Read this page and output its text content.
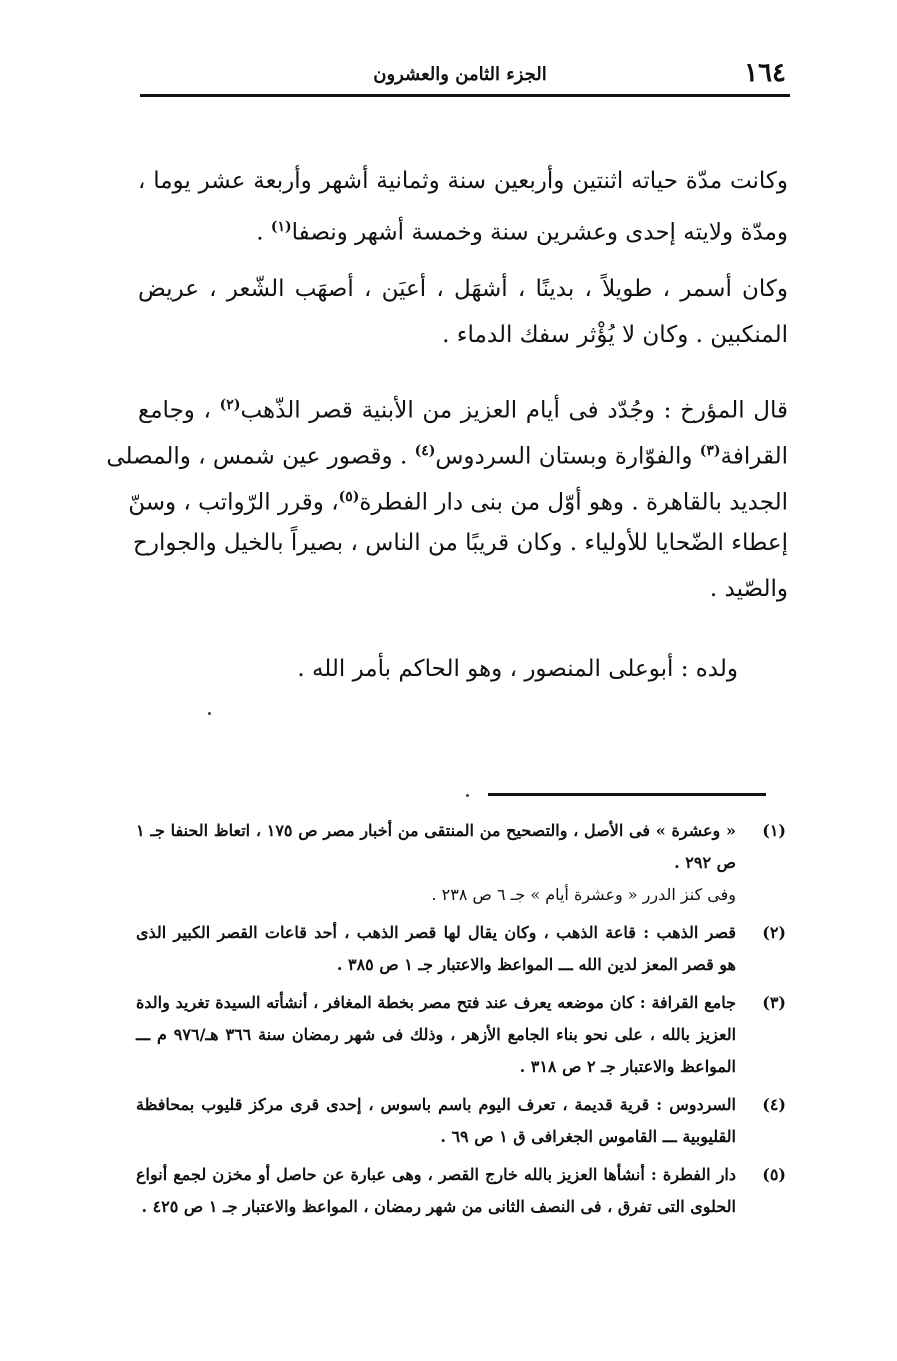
١٦٤
الجزء الثامن والعشرون
وكانت مدّة حياته اثنتين وأربعين سنة وثمانية أشهر وأربعة عشر يوما ،
ومدّة ولايته إحدى وعشرين سنة وخمسة أشهر ونصفا$^{(١)}$ .
وكان أسمر ، طويلاً ، بدينًا ، أشهَل ، أعيَن ، أصهَب الشّعر ، عريض
المنكبين . وكان لا يُؤْثر سفك الدماء .
قال المؤرخ : وجُدّد فى أيام العزيز من الأبنية قصر الذّهب$^{(٢)}$ ، وجامع
القرافة$^{(٣)}$ والفوّارة وبستان السردوس$^{(٤)}$ . وقصور عين شمس ، والمصلى
الجديد بالقاهرة . وهو أوّل من بنى دار الفطرة$^{(٥)}$، وقرر الرّواتب ، وسنّ
إعطاء الضّحايا للأولياء . وكان قريبًا من الناس ، بصيراً بالخيل والجوارح
والصّيد .
ولده : أبوعلى المنصور ، وهو الحاكم بأمر الله .
(١)
« وعشرة » فى الأصل ، والتصحيح من المنتقى من أخبار مصر ص ١٧٥ ، اتعاظ الحنفا جـ ١
ص ٢٩٢ .
وفى كنز الدرر « وعشرة أيام » جـ ٦ ص ٢٣٨ .
(٢)
قصر الذهب : قاعة الذهب ، وكان يقال لها قصر الذهب ، أحد قاعات القصر الكبير الذى
هو قصر المعز لدين الله ـــ المواعظ والاعتبار جـ ١ ص ٣٨٥ .
(٣)
جامع القرافة : كان موضعه يعرف عند فتح مصر بخطة المغافر ، أنشأته السيدة تغريد والدة
العزيز بالله ، على نحو بناء الجامع الأزهر ، وذلك فى شهر رمضان سنة ٣٦٦ هـ/٩٧٦ م ـــ
المواعظ والاعتبار جـ ٢ ص ٣١٨ .
(٤)
السردوس : قرية قديمة ، تعرف اليوم باسم باسوس ، إحدى قرى مركز قليوب بمحافظة
القليوبية ـــ القاموس الجغرافى ق ١ ص ٦٩ .
(٥)
دار الفطرة : أنشأها العزيز بالله خارج القصر ، وهى عبارة عن حاصل أو مخزن لجمع أنواع
الحلوى التى تفرق ، فى النصف الثانى من شهر رمضان ، المواعظ والاعتبار جـ ١ ص ٤٢٥ .
